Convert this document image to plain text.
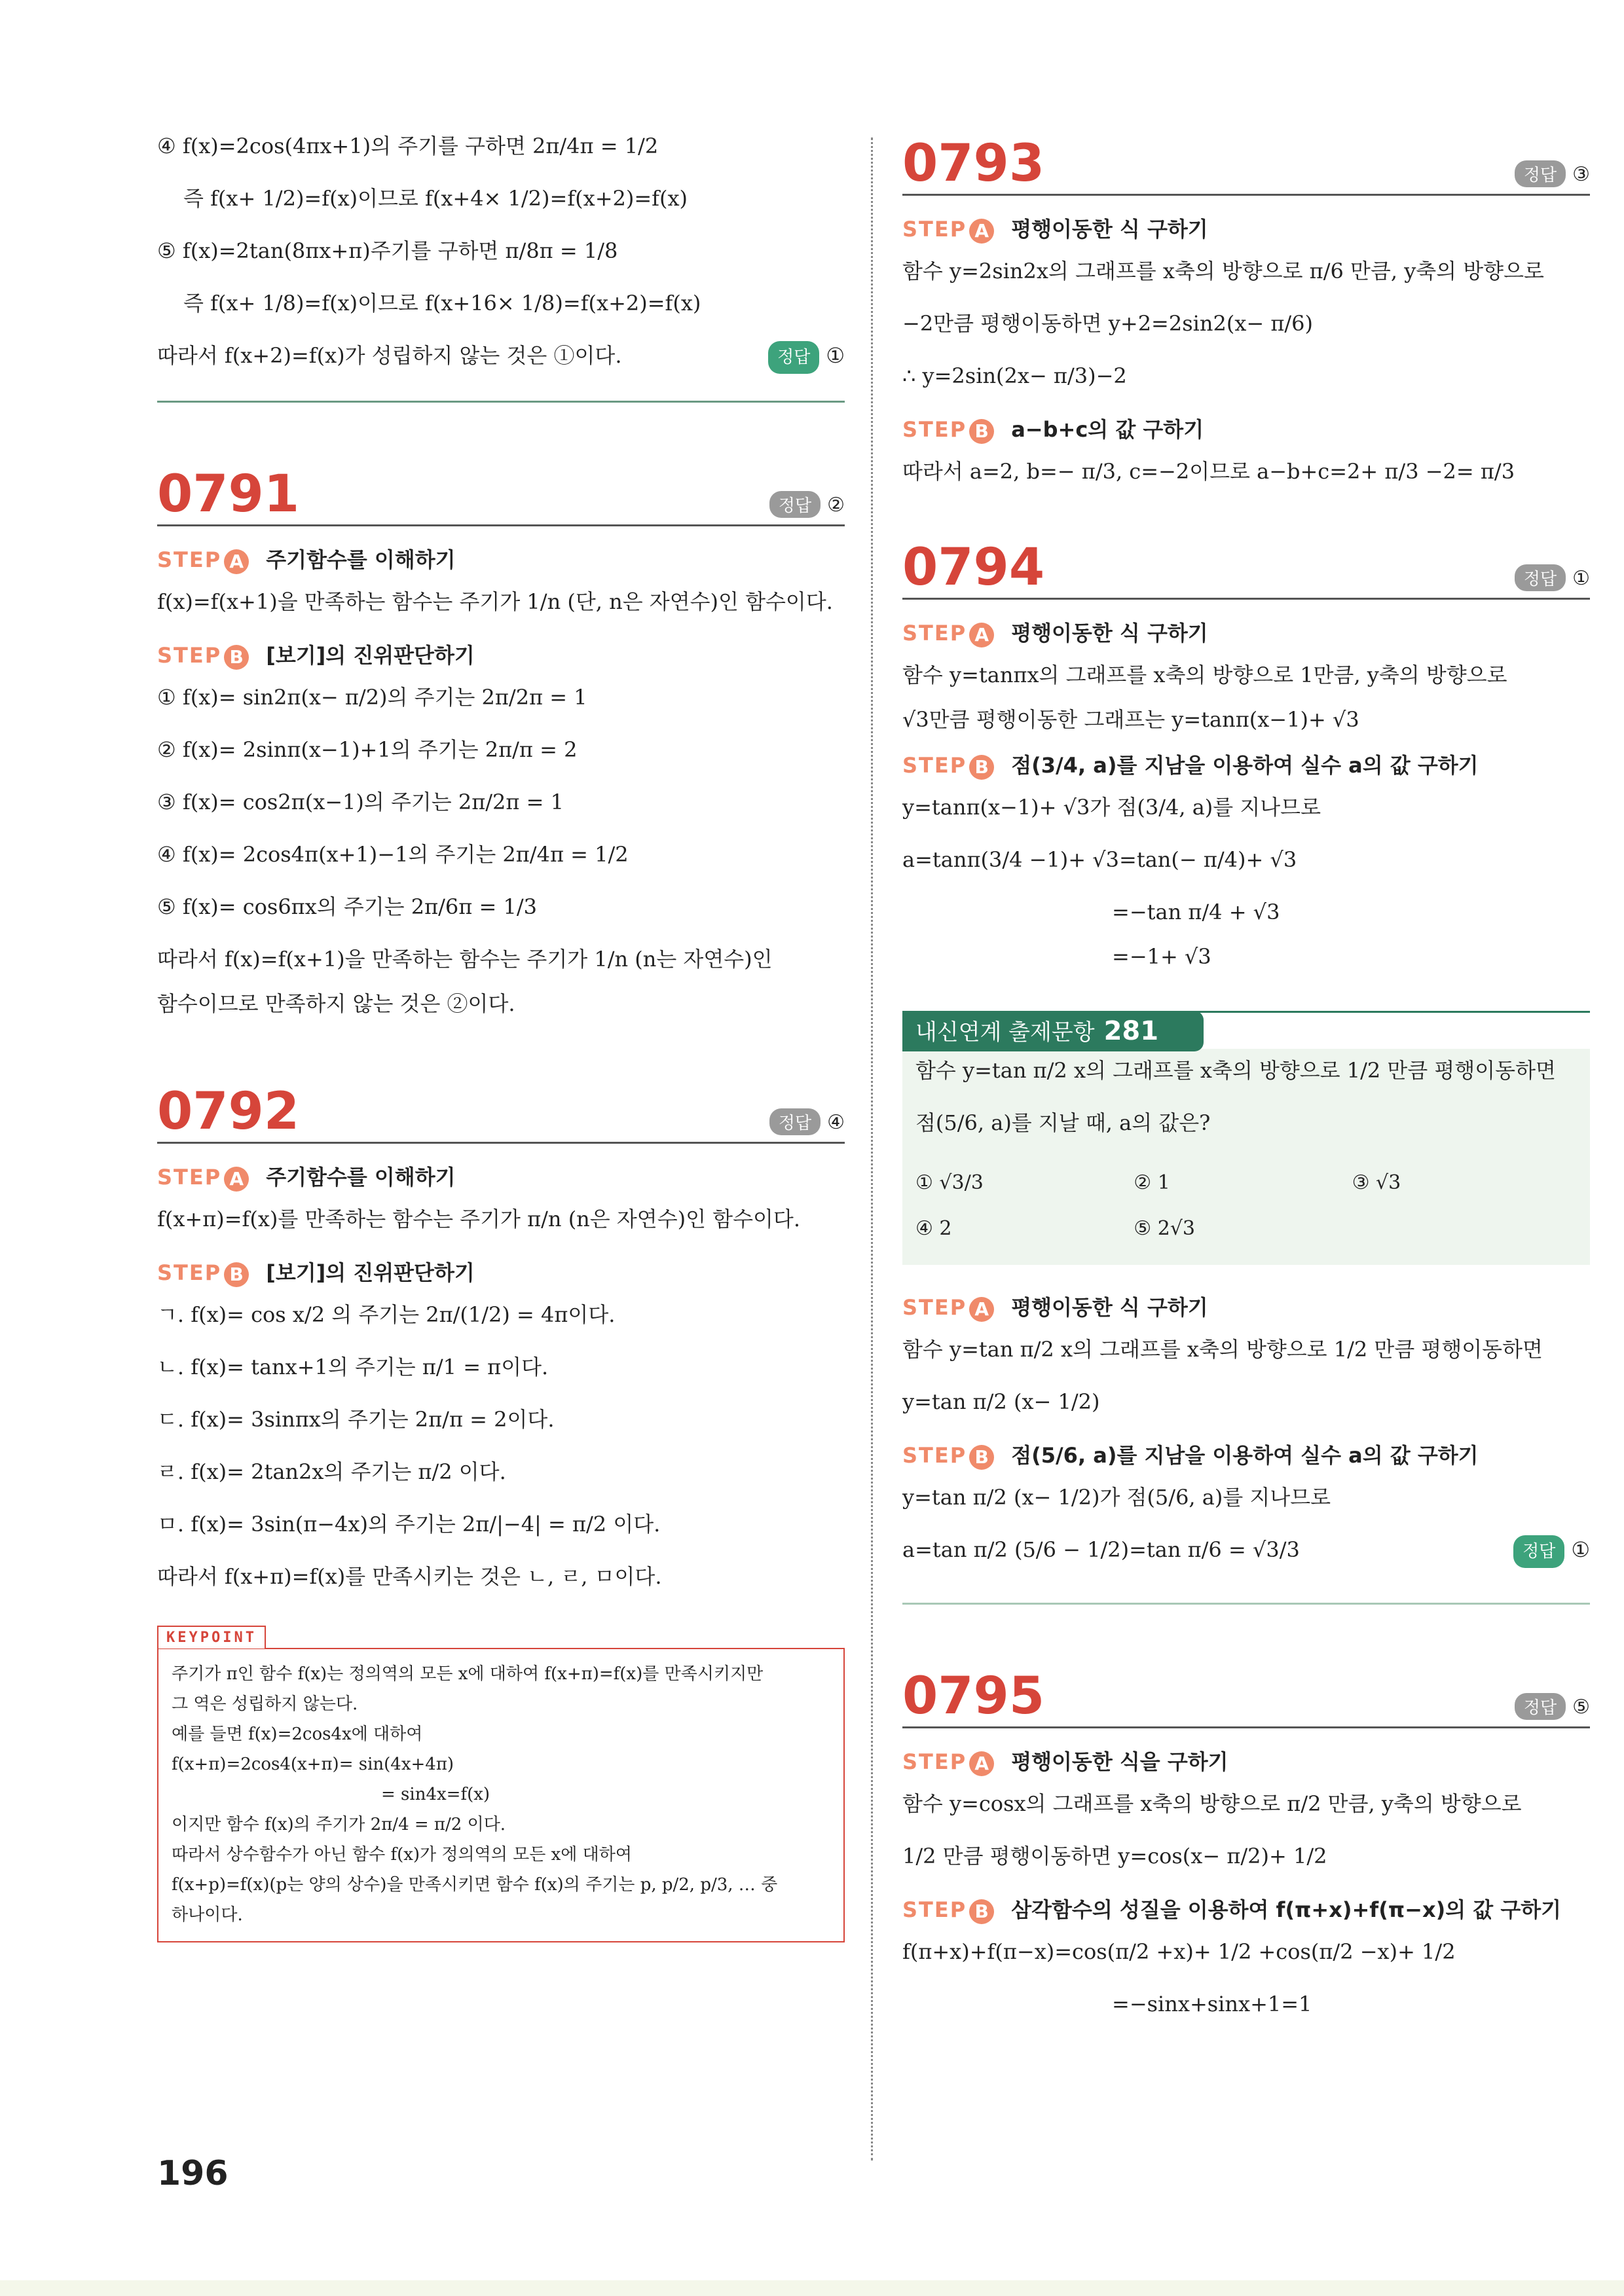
④ f(x)=2cos(4πx+1)의 주기를 구하면 2π/4π = 1/2
즉 f(x+ 1/2)=f(x)이므로 f(x+4× 1/2)=f(x+2)=f(x)
⑤ f(x)=2tan(8πx+π)주기를 구하면 π/8π = 1/8
즉 f(x+ 1/8)=f(x)이므로 f(x+16× 1/8)=f(x+2)=f(x)
따라서 f(x+2)=f(x)가 성립하지 않는 것은 ①이다.	정답 ①
0791	정답 ②
STEP A 주기함수를 이해하기
f(x)=f(x+1)을 만족하는 함수는 주기가 1/n (단, n은 자연수)인 함수이다.
STEP B [보기]의 진위판단하기
① f(x)= sin2π(x− π/2)의 주기는 2π/2π = 1
② f(x)= 2sinπ(x−1)+1의 주기는 2π/π = 2
③ f(x)= cos2π(x−1)의 주기는 2π/2π = 1
④ f(x)= 2cos4π(x+1)−1의 주기는 2π/4π = 1/2
⑤ f(x)= cos6πx의 주기는 2π/6π = 1/3
따라서 f(x)=f(x+1)을 만족하는 함수는 주기가 1/n (n는 자연수)인
함수이므로 만족하지 않는 것은 ②이다.
0792	정답 ④
STEP A 주기함수를 이해하기
f(x+π)=f(x)를 만족하는 함수는 주기가 π/n (n은 자연수)인 함수이다.
STEP B [보기]의 진위판단하기
ㄱ. f(x)= cos x/2 의 주기는 2π/(1/2) = 4π이다.
ㄴ. f(x)= tanx+1의 주기는 π/1 = π이다.
ㄷ. f(x)= 3sinπx의 주기는 2π/π = 2이다.
ㄹ. f(x)= 2tan2x의 주기는 π/2 이다.
ㅁ. f(x)= 3sin(π−4x)의 주기는 2π/|−4| = π/2 이다.
따라서 f(x+π)=f(x)를 만족시키는 것은 ㄴ, ㄹ, ㅁ이다.
KEYPOINT
주기가 π인 함수 f(x)는 정의역의 모든 x에 대하여 f(x+π)=f(x)를 만족시키지만
그 역은 성립하지 않는다.
예를 들면 f(x)=2cos4x에 대하여
f(x+π)=2cos4(x+π)= sin(4x+4π)
= sin4x=f(x)
이지만 함수 f(x)의 주기가 2π/4 = π/2 이다.
따라서 상수함수가 아닌 함수 f(x)가 정의역의 모든 x에 대하여
f(x+p)=f(x)(p는 양의 상수)을 만족시키면 함수 f(x)의 주기는 p, p/2, p/3, … 중
하나이다.
0793	정답 ③
STEP A 평행이동한 식 구하기
함수 y=2sin2x의 그래프를 x축의 방향으로 π/6 만큼, y축의 방향으로
−2만큼 평행이동하면 y+2=2sin2(x− π/6)
∴ y=2sin(2x− π/3)−2
STEP B a−b+c의 값 구하기
따라서 a=2, b=− π/3, c=−2이므로 a−b+c=2+ π/3 −2= π/3
0794	정답 ①
STEP A 평행이동한 식 구하기
함수 y=tanπx의 그래프를 x축의 방향으로 1만큼, y축의 방향으로
√3만큼 평행이동한 그래프는 y=tanπ(x−1)+ √3
STEP B 점(3/4, a)를 지남을 이용하여 실수 a의 값 구하기
y=tanπ(x−1)+ √3가 점(3/4, a)를 지나므로
a=tanπ(3/4 −1)+ √3=tan(− π/4)+ √3
=−tan π/4 + √3
=−1+ √3
내신연계 출제문항 281
함수 y=tan π/2 x의 그래프를 x축의 방향으로 1/2 만큼 평행이동하면
점(5/6, a)를 지날 때, a의 값은?
① √3/3	② 1	③ √3
④ 2	⑤ 2√3
STEP A 평행이동한 식 구하기
함수 y=tan π/2 x의 그래프를 x축의 방향으로 1/2 만큼 평행이동하면
y=tan π/2 (x− 1/2)
STEP B 점(5/6, a)를 지남을 이용하여 실수 a의 값 구하기
y=tan π/2 (x− 1/2)가 점(5/6, a)를 지나므로
a=tan π/2 (5/6 − 1/2)=tan π/6 = √3/3	정답 ①
0795	정답 ⑤
STEP A 평행이동한 식을 구하기
함수 y=cosx의 그래프를 x축의 방향으로 π/2 만큼, y축의 방향으로
1/2 만큼 평행이동하면 y=cos(x− π/2)+ 1/2
STEP B 삼각함수의 성질을 이용하여 f(π+x)+f(π−x)의 값 구하기
f(π+x)+f(π−x)=cos(π/2 +x)+ 1/2 +cos(π/2 −x)+ 1/2
=−sinx+sinx+1=1
196
